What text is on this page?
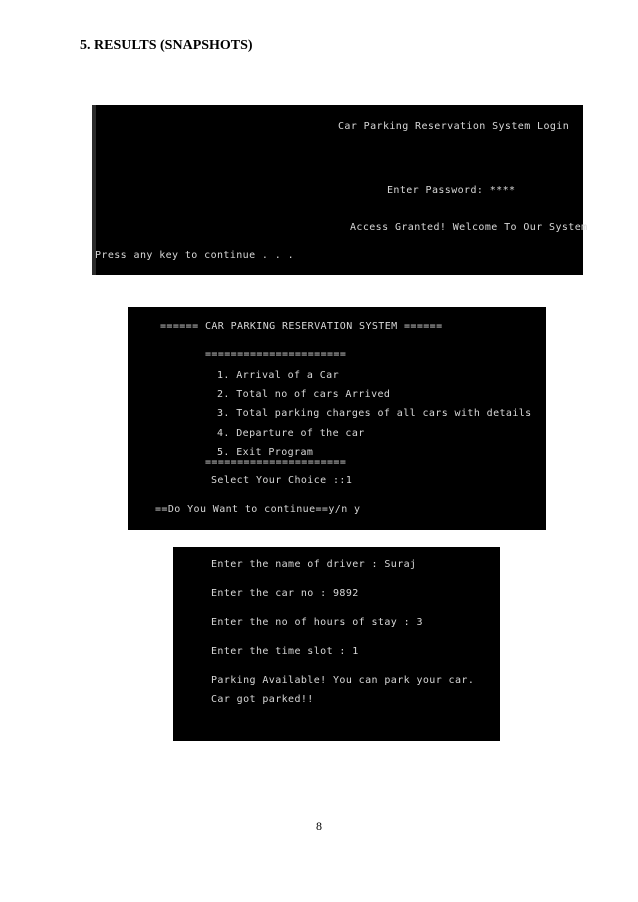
5. RESULTS (SNAPSHOTS)
Car Parking Reservation System Login
Enter Password: ****
Access Granted! Welcome To Our System
Press any key to continue . . .
====== CAR PARKING RESERVATION SYSTEM ======
======================
1. Arrival of a Car
2. Total no of cars Arrived
3. Total parking charges of all cars with details
4. Departure of the car
5. Exit Program
======================
Select Your Choice ::1
==Do You Want to continue==y/n y
Enter the name of driver : Suraj
Enter the car no : 9892
Enter the no of hours of stay : 3
Enter the time slot : 1
Parking Available! You can park your car.
Car got parked!!
8
